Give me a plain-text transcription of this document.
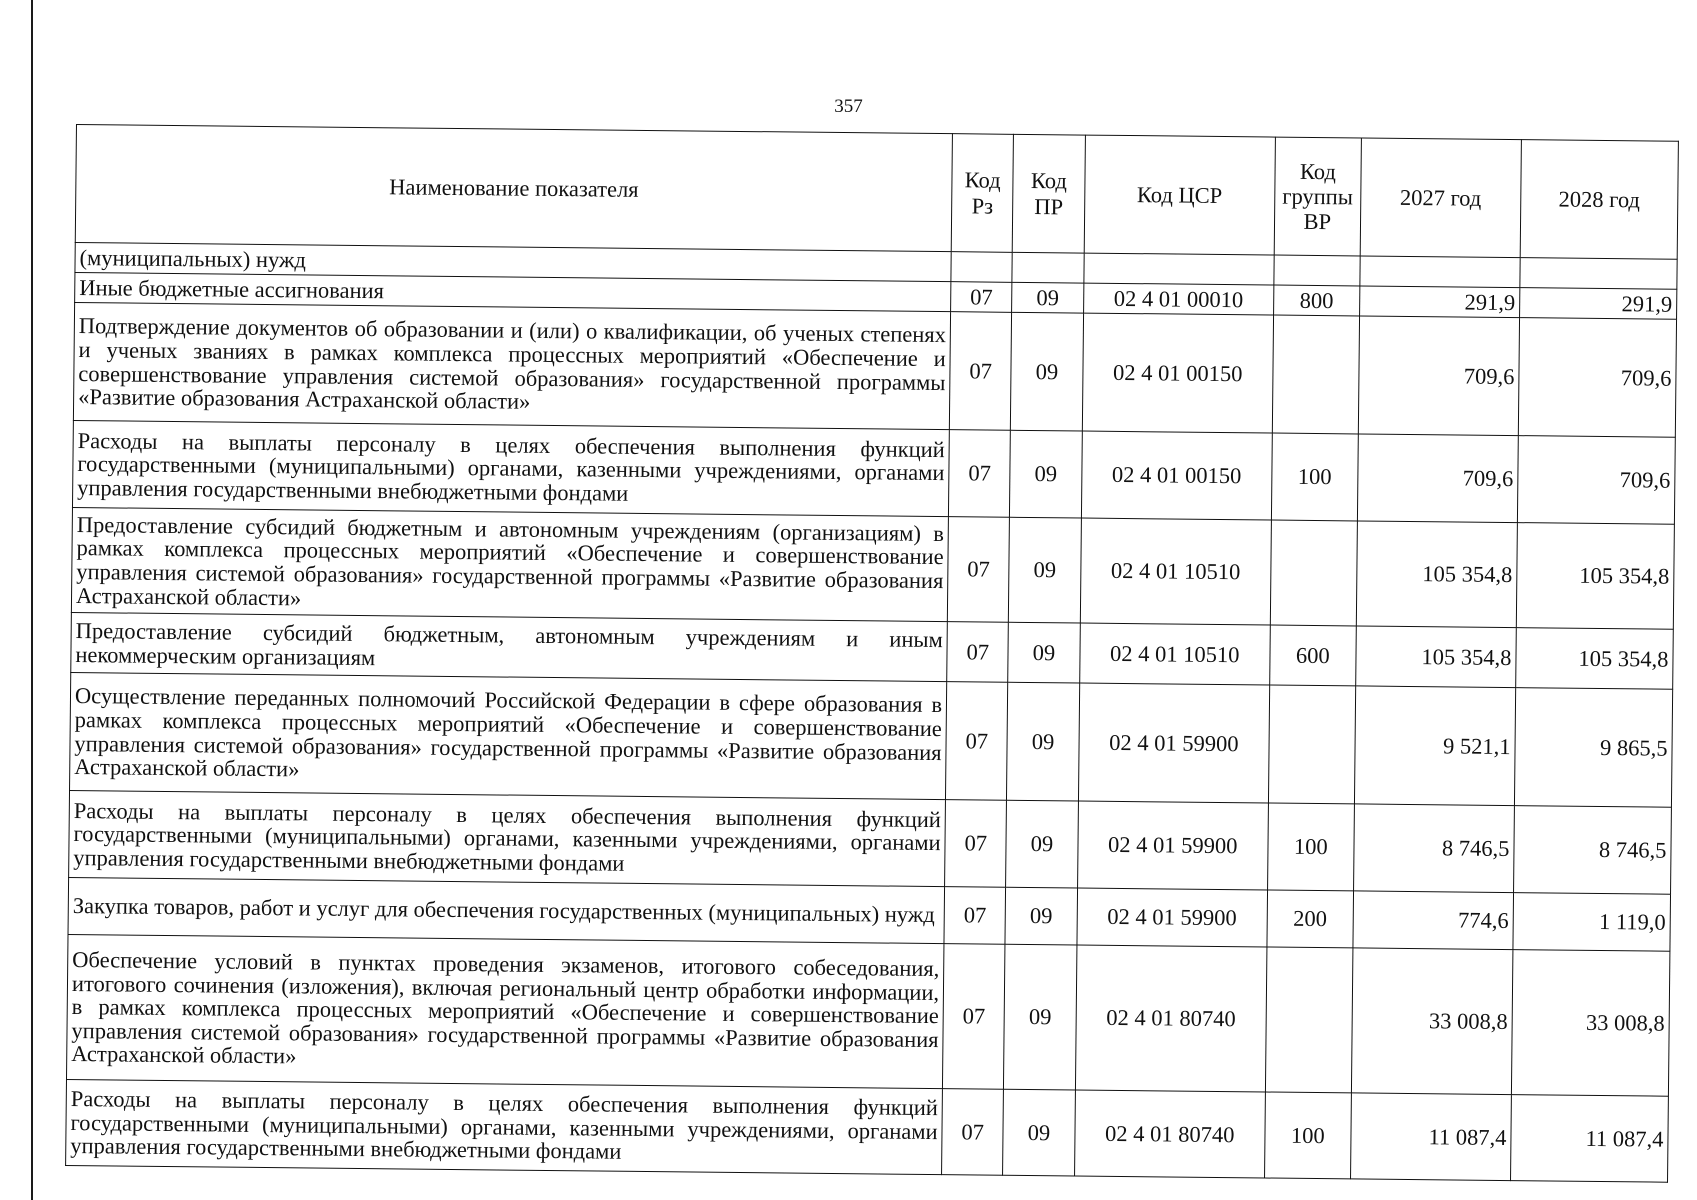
357
Наименование показателя	Код Рз	Код ПР	Код ЦСР	Код группы ВР	2027 год	2028 год
(муниципальных) нужд						
Иные бюджетные ассигнования	07	09	02 4 01 00010	800	291,9	291,9
Подтверждение документов об образовании и (или) о квалификации, об ученых степенях и ученых званиях в рамках комплекса процессных мероприятий «Обеспечение и совершенствование управления системой образования» государственной программы «Развитие образования Астраханской области»	07	09	02 4 01 00150		709,6	709,6
Расходы на выплаты персоналу в целях обеспечения выполнения функций государственными (муниципальными) органами, казенными учреждениями, органами управления государственными внебюджетными фондами	07	09	02 4 01 00150	100	709,6	709,6
Предоставление субсидий бюджетным и автономным учреждениям (организациям) в рамках комплекса процессных мероприятий «Обеспечение и совершенствование управления системой образования» государственной программы «Развитие образования Астраханской области»	07	09	02 4 01 10510		105 354,8	105 354,8
Предоставление субсидий бюджетным, автономным учреждениям и иным некоммерческим организациям	07	09	02 4 01 10510	600	105 354,8	105 354,8
Осуществление переданных полномочий Российской Федерации в сфере образования в рамках комплекса процессных мероприятий «Обеспечение и совершенствование управления системой образования» государственной программы «Развитие образования Астраханской области»	07	09	02 4 01 59900		9 521,1	9 865,5
Расходы на выплаты персоналу в целях обеспечения выполнения функций государственными (муниципальными) органами, казенными учреждениями, органами управления государственными внебюджетными фондами	07	09	02 4 01 59900	100	8 746,5	8 746,5
Закупка товаров, работ и услуг для обеспечения государственных (муниципальных) нужд	07	09	02 4 01 59900	200	774,6	1 119,0
Обеспечение условий в пунктах проведения экзаменов, итогового собеседования, итогового сочинения (изложения), включая региональный центр обработки информации, в рамках комплекса процессных мероприятий «Обеспечение и совершенствование управления системой образования» государственной программы «Развитие образования Астраханской области»	07	09	02 4 01 80740		33 008,8	33 008,8
Расходы на выплаты персоналу в целях обеспечения выполнения функций государственными (муниципальными) органами, казенными учреждениями, органами управления государственными внебюджетными фондами	07	09	02 4 01 80740	100	11 087,4	11 087,4
